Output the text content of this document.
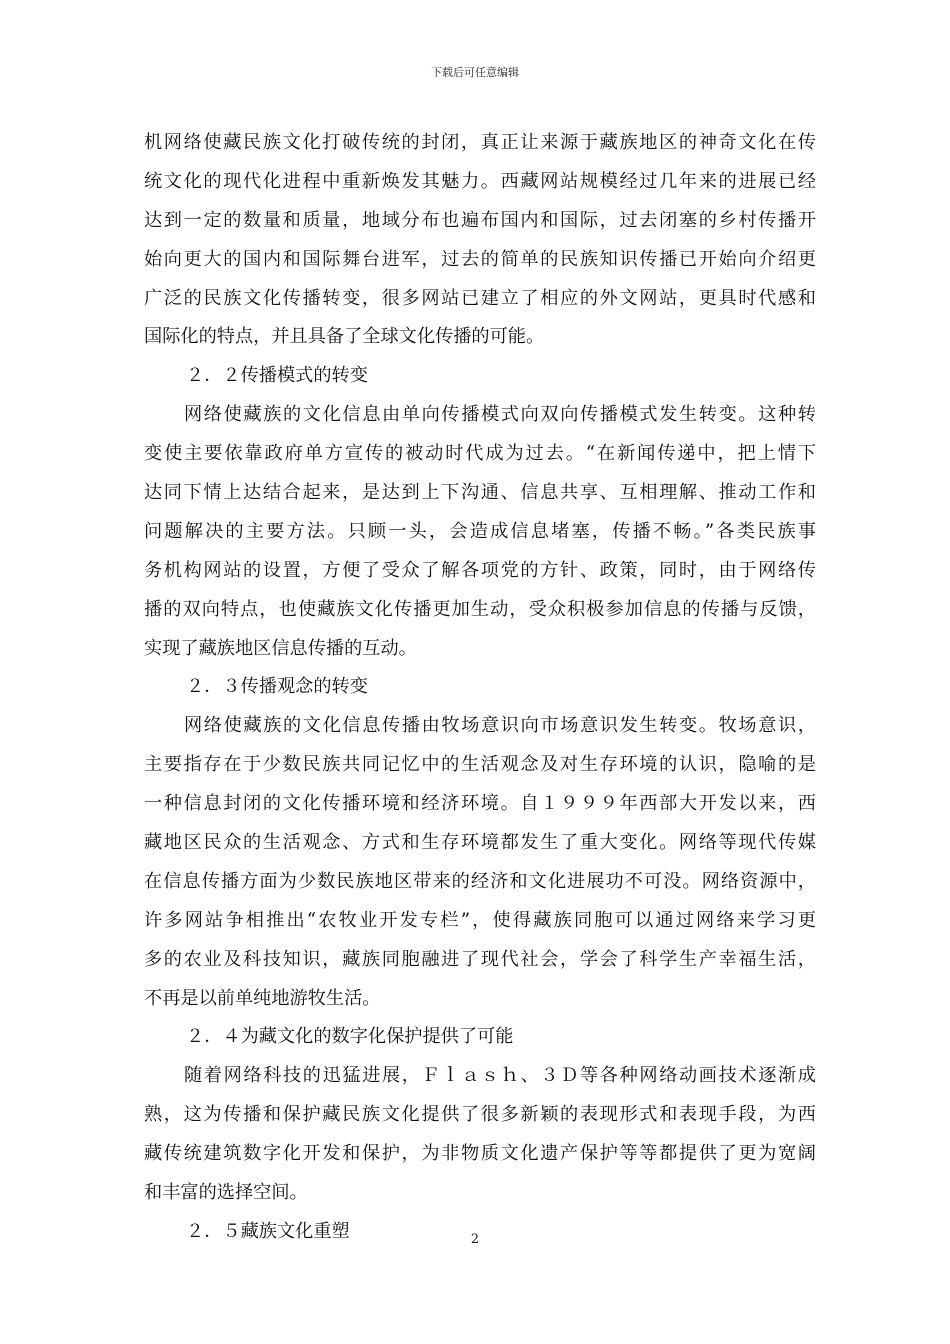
下载后可任意编辑
机网络使藏民族文化打破传统的封闭，真正让来源于藏族地区的神奇文化在传
统文化的现代化进程中重新焕发其魅力。西藏网站规模经过几年来的进展已经
达到一定的数量和质量，地域分布也遍布国内和国际，过去闭塞的乡村传播开
始向更大的国内和国际舞台进军，过去的简单的民族知识传播已开始向介绍更
广泛的民族文化传播转变，很多网站已建立了相应的外文网站，更具时代感和
国际化的特点，并且具备了全球文化传播的可能。
２．２传播模式的转变
网络使藏族的文化信息由单向传播模式向双向传播模式发生转变。这种转
变使主要依靠政府单方宣传的被动时代成为过去。“在新闻传递中，把上情下
达同下情上达结合起来，是达到上下沟通、信息共享、互相理解、推动工作和
问题解决的主要方法。只顾一头，会造成信息堵塞，传播不畅。”各类民族事
务机构网站的设置，方便了受众了解各项党的方针、政策，同时，由于网络传
播的双向特点，也使藏族文化传播更加生动，受众积极参加信息的传播与反馈，
实现了藏族地区信息传播的互动。
２．３传播观念的转变
网络使藏族的文化信息传播由牧场意识向市场意识发生转变。牧场意识，
主要指存在于少数民族共同记忆中的生活观念及对生存环境的认识，隐喻的是
一种信息封闭的文化传播环境和经济环境。自１９９９年西部大开发以来，西
藏地区民众的生活观念、方式和生存环境都发生了重大变化。网络等现代传媒
在信息传播方面为少数民族地区带来的经济和文化进展功不可没。网络资源中，
许多网站争相推出“农牧业开发专栏”，使得藏族同胞可以通过网络来学习更
多的农业及科技知识，藏族同胞融进了现代社会，学会了科学生产幸福生活，
不再是以前单纯地游牧生活。
２．４为藏文化的数字化保护提供了可能
随着网络科技的迅猛进展，Ｆｌａｓｈ、３Ｄ等各种网络动画技术逐渐成
熟，这为传播和保护藏民族文化提供了很多新颖的表现形式和表现手段，为西
藏传统建筑数字化开发和保护，为非物质文化遗产保护等等都提供了更为宽阔
和丰富的选择空间。
２．５藏族文化重塑	2
